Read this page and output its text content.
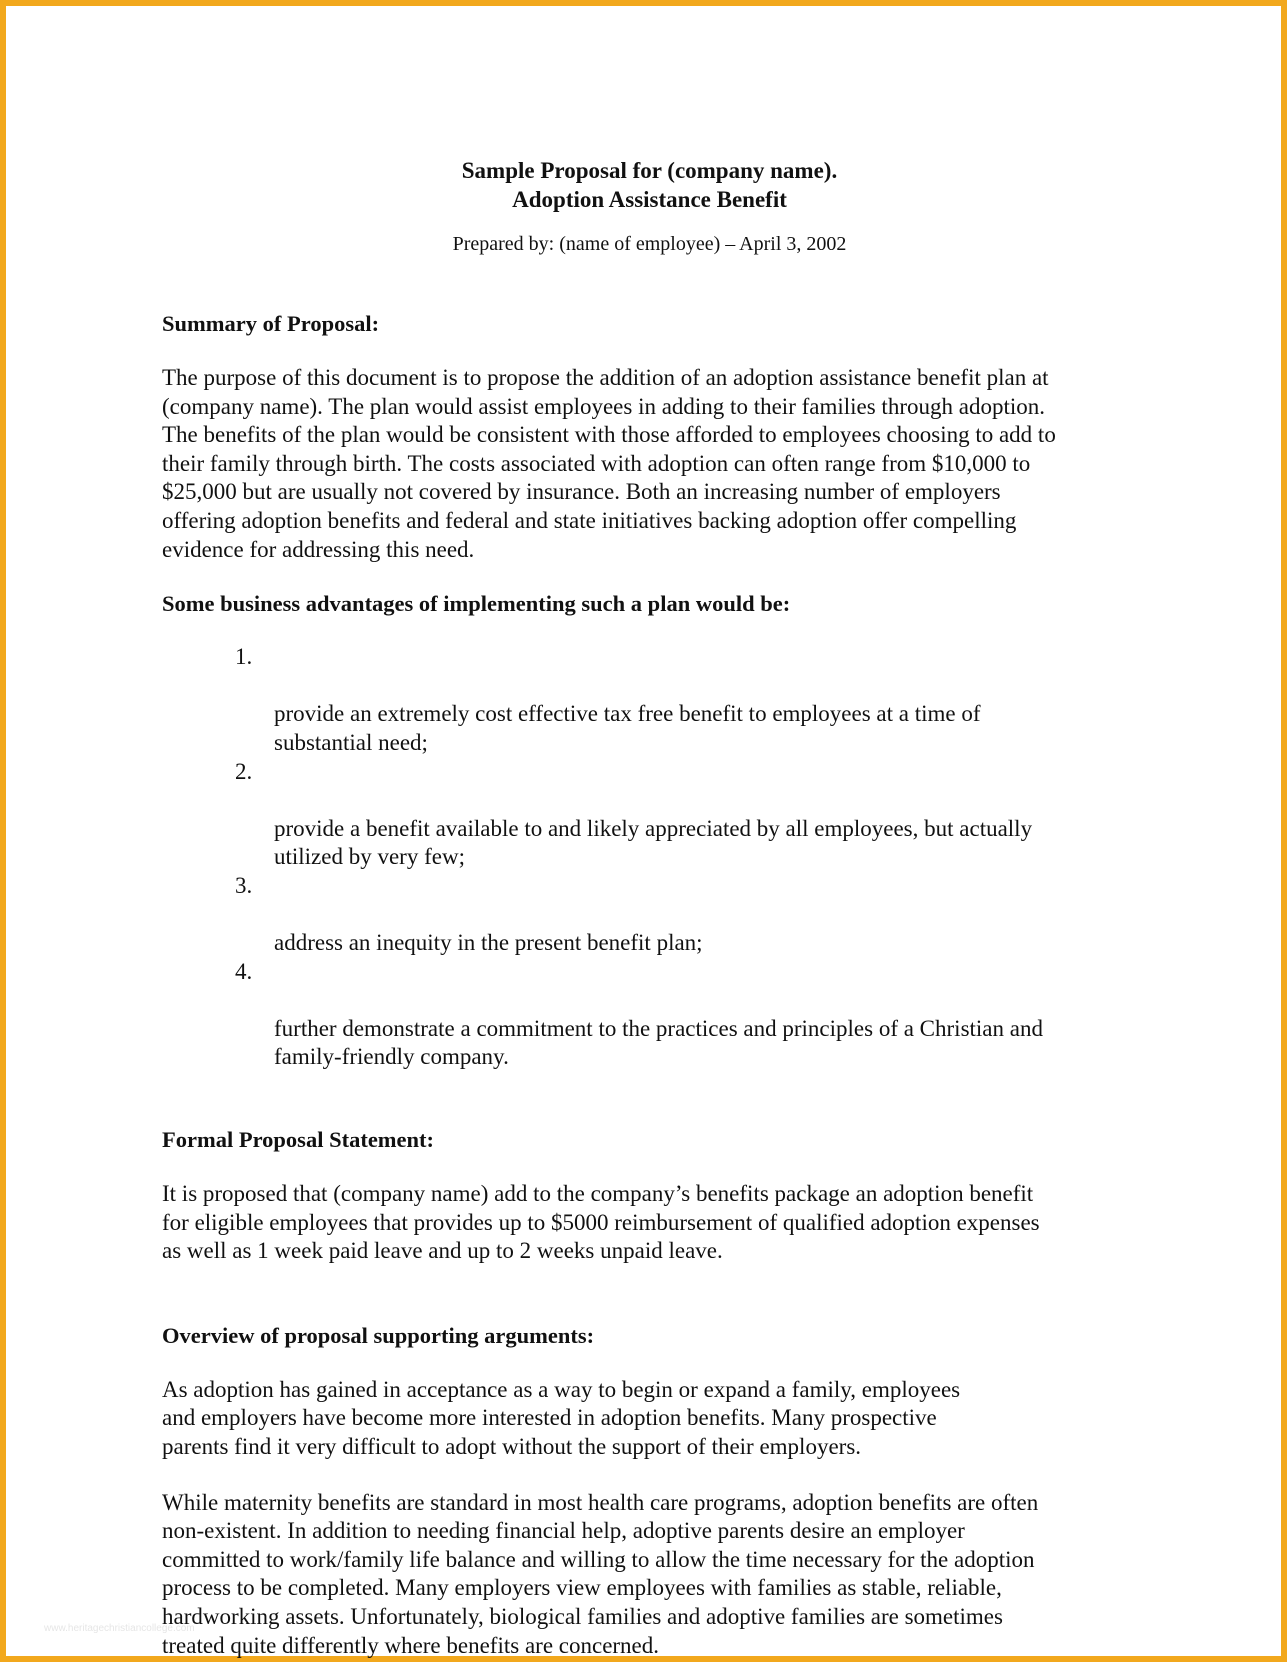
Sample Proposal for (company name).
Adoption Assistance Benefit
Prepared by: (name of employee) – April 3, 2002
Summary of Proposal:

The purpose of this document is to propose the addition of an adoption assistance benefit plan at
(company name). The plan would assist employees in adding to their families through adoption.
The benefits of the plan would be consistent with those afforded to employees choosing to add to
their family through birth. The costs associated with adoption can often range from $10,000 to
$25,000 but are usually not covered by insurance. Both an increasing number of employers
offering adoption benefits and federal and state initiatives backing adoption offer compelling
evidence for addressing this need.

Some business advantages of implementing such a plan would be:

1.

provide an extremely cost effective tax free benefit to employees at a time of
substantial need;

2.

provide a benefit available to and likely appreciated by all employees, but actually
utilized by very few;

3.

address an inequity in the present benefit plan;

4.

further demonstrate a commitment to the practices and principles of a Christian and
family-friendly company.

Formal Proposal Statement:

It is proposed that (company name) add to the company’s benefits package an adoption benefit
for eligible employees that provides up to $5000 reimbursement of qualified adoption expenses
as well as 1 week paid leave and up to 2 weeks unpaid leave.

Overview of proposal supporting arguments:

As adoption has gained in acceptance as a way to begin or expand a family, employees
and employers have become more interested in adoption benefits. Many prospective
parents find it very difficult to adopt without the support of their employers.

While maternity benefits are standard in most health care programs, adoption benefits are often
non-existent. In addition to needing financial help, adoptive parents desire an employer
committed to work/family life balance and willing to allow the time necessary for the adoption
process to be completed. Many employers view employees with families as stable, reliable,
hardworking assets. Unfortunately, biological families and adoptive families are sometimes
treated quite differently where benefits are concerned.

www.heritagechristiancollege.com
